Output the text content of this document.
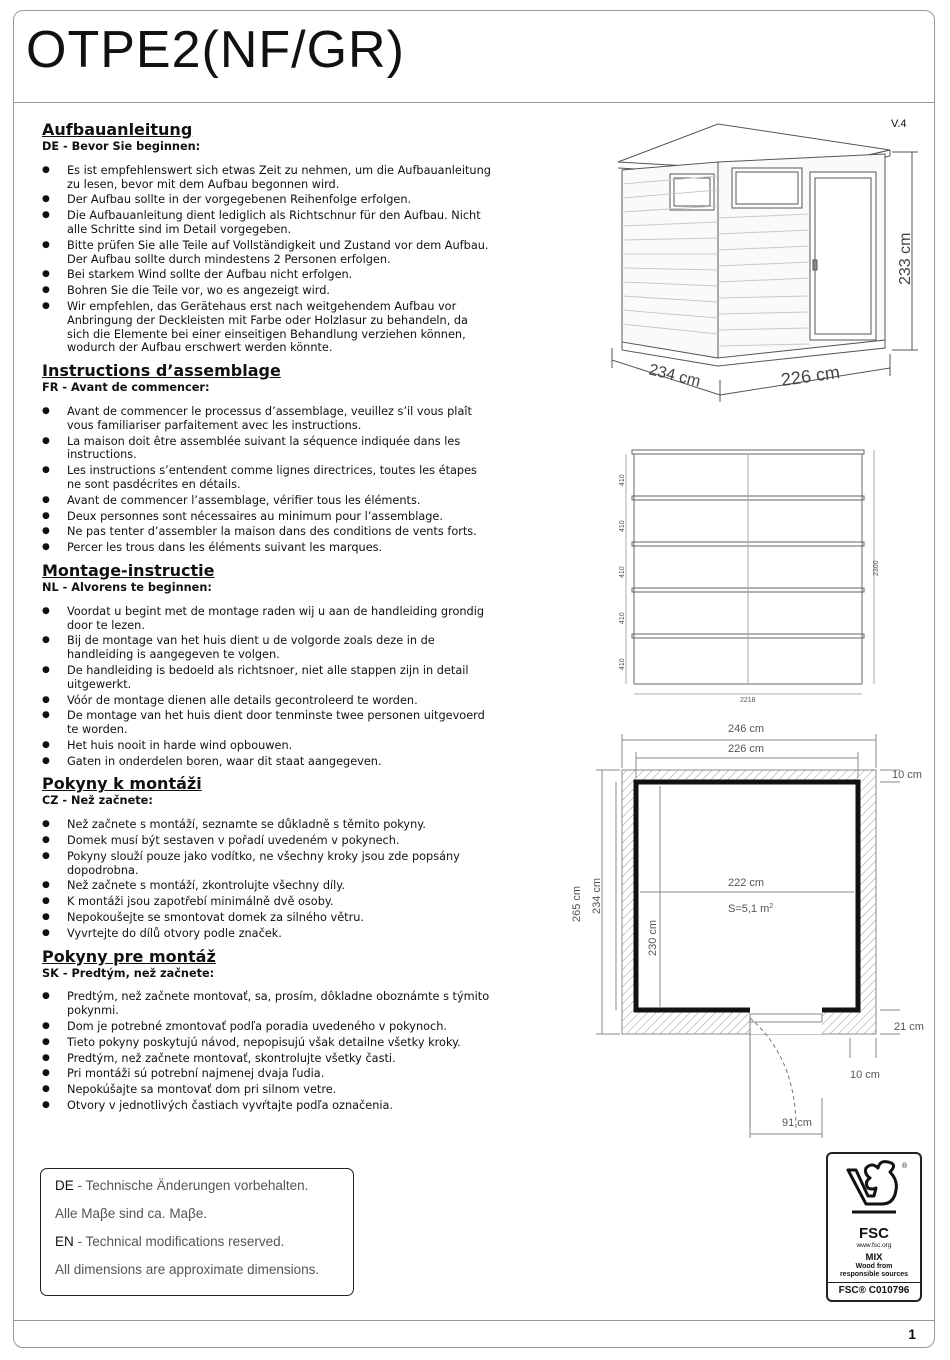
OTPE2(NF/GR)
V.4
1
Aufbauanleitung

DE - Bevor Sie beginnen:

● Es ist empfehlenswert sich etwas Zeit zu nehmen, um die Aufbauanleitung zu lesen, bevor mit dem Aufbau begonnen wird.
● Der Aufbau sollte in der vorgegebenen Reihenfolge erfolgen.
● Die Aufbauanleitung dient lediglich als Richtschnur für den Aufbau. Nicht alle Schritte sind im Detail vorgegeben.
● Bitte prüfen Sie alle Teile auf Vollständigkeit und Zustand vor dem Aufbau. Der Aufbau sollte durch mindestens 2 Personen erfolgen.
● Bei starkem Wind sollte der Aufbau nicht erfolgen.
● Bohren Sie die Teile vor, wo es angezeigt wird.
● Wir empfehlen, das Gerätehaus erst nach weitgehendem Aufbau vor Anbringung der Deckleisten mit Farbe oder Holzlasur zu behandeln, da sich die Elemente bei einer einseitigen Behandlung verziehen können, wodurch der Aufbau erschwert werden könnte.
Instructions d’assemblage

FR - Avant de commencer:

● Avant de commencer le processus d’assemblage, veuillez s’il vous plaît vous familiariser parfaitement avec les instructions.
● La maison doit être assemblée suivant la séquence indiquée dans les instructions.
● Les instructions s’entendent comme lignes directrices, toutes les étapes ne sont pasdécrites en détails.
● Avant de commencer l’assemblage, vérifier tous les éléments.
● Deux personnes sont nécessaires au minimum pour l’assemblage.
● Ne pas tenter d’assembler la maison dans des conditions de vents forts.
● Percer les trous dans les éléments suivant les marques.
Montage-instructie

NL - Alvorens te beginnen:

● Voordat u begint met de montage raden wij u aan de handleiding grondig door te lezen.
● Bij de montage van het huis dient u de volgorde zoals deze in de handleiding is aangegeven te volgen.
● De handleiding is bedoeld als richtsnoer, niet alle stappen zijn in detail uitgewerkt.
● Vóór de montage dienen alle details gecontroleerd te worden.
● De montage van het huis dient door tenminste twee personen uitgevoerd te worden.
● Het huis nooit in harde wind opbouwen.
● Gaten in onderdelen boren, waar dit staat aangegeven.
Pokyny k montáži

CZ - Než začnete:

● Než začnete s montáží, seznamte se důkladně s těmito pokyny.
● Domek musí být sestaven v pořadí uvedeném v pokynech.
● Pokyny slouží pouze jako vodítko, ne všechny kroky jsou zde popsány dopodrobna.
● Než začnete s montáží, zkontrolujte všechny díly.
● K montáži jsou zapotřebí minimálně dvě osoby.
● Nepokoušejte se smontovat domek za silného větru.
● Vyvrtejte do dílů otvory podle značek.
Pokyny pre montáž

SK - Predtým, než začnete:

● Predtým, než začnete montovať, sa, prosím, dôkladne oboznámte s týmito pokynmi.
● Dom je potrebné zmontovať podľa poradia uvedeného v pokynoch.
● Tieto pokyny poskytujú návod, nepopisujú však detailne všetky kroky.
● Predtým, než začnete montovať, skontrolujte všetky časti.
● Pri montáži sú potrební najmenej dvaja ľudia.
● Nepokúšajte sa montovať dom pri silnom vetre.
● Otvory v jednotlivých častiach vyvŕtajte podľa označenia.

DE - Technische Änderungen vorbehalten.

Alle Maβe sind ca. Maβe.

EN - Technical modifications reserved.

All dimensions are approximate dimensions.

234 cm	226 cm
233 cm
410
410
410
410
410
2300
2218
246 cm
226 cm
10 cm
265 cm 234 cm
230 cm
222 cm
S=5,1 $m^2$
21 cm
10 cm
91 cm
®
FSC
www.fsc.org
MIX
Wood from
responsible sources
FSC® C010796
